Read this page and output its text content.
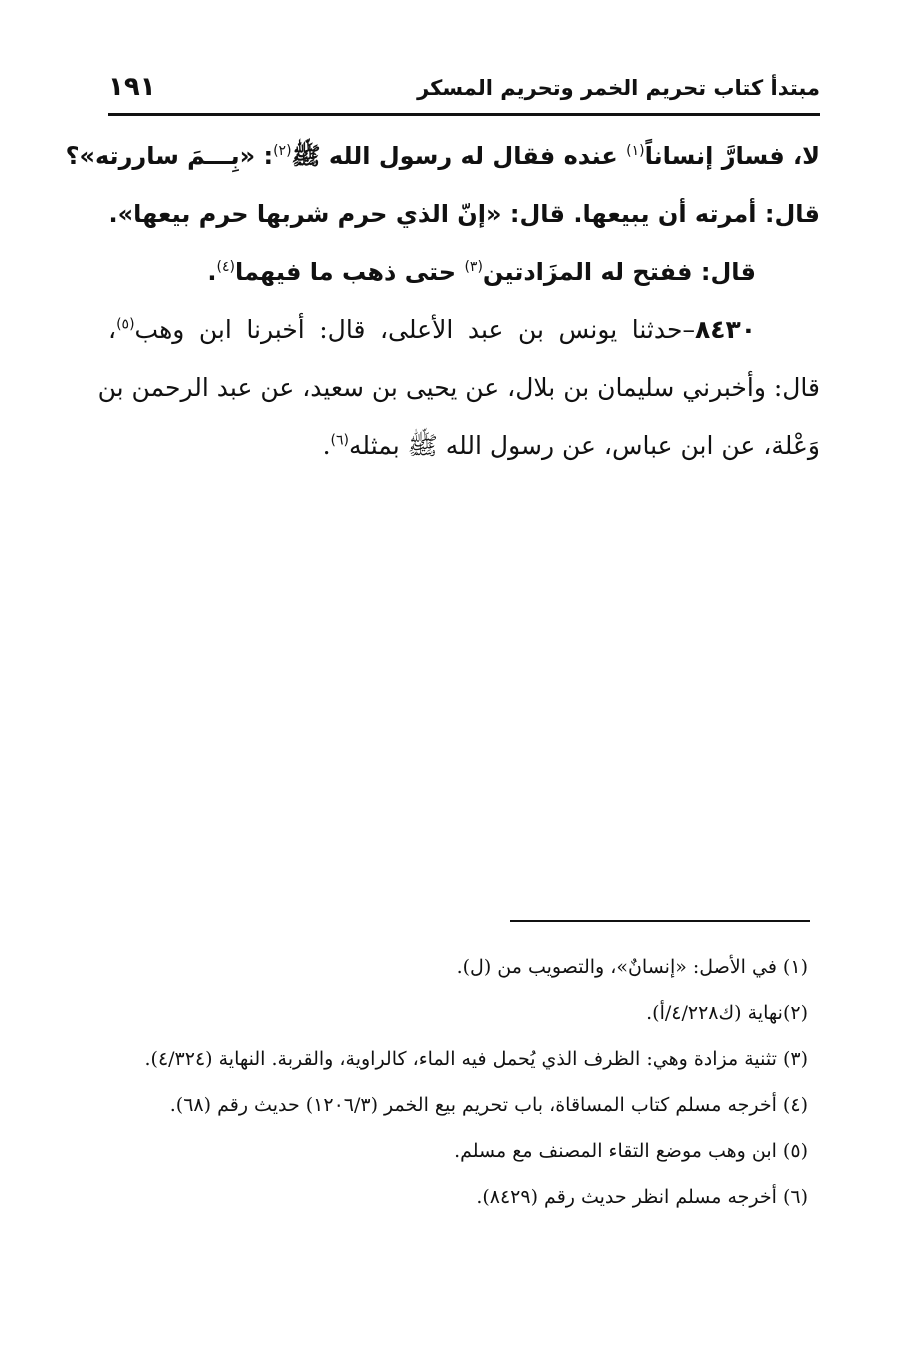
مبتدأ كتاب تحريم الخمر وتحريم المسكر
١٩١
لا، فسارَّ إنساناً$^{(١)}$ عنده فقال له رسول الله ﷺ$^{(٢)}$: «بِـــمَ ساررته»؟
قال: أمرته أن يبيعها. قال: «إنّ الذي حرم شربها حرم بيعها».
قال: ففتح له المزَادتين$^{(٣)}$ حتى ذهب ما فيهما$^{(٤)}$.
٨٤٣٠–حدثنا يونس بن عبد الأعلى، قال: أخبرنا ابن وهب$^{(٥)}$،
قال: وأخبرني سليمان بن بلال، عن يحيى بن سعيد، عن عبد الرحمن بن
وَعْلة، عن ابن عباس، عن رسول الله ﷺ بمثله$^{(٦)}$.
(١) في الأصل: «إنسانٌ»، والتصويب من (ل).
(٢)نهاية (ك٤/٢٢٨/أ).
(٣) تثنية مزادة وهي: الظرف الذي يُحمل فيه الماء، كالراوية، والقربة. النهاية (٤/٣٢٤).
(٤) أخرجه مسلم كتاب المساقاة، باب تحريم بيع الخمر (١٢٠٦/٣) حديث رقم (٦٨).
(٥) ابن وهب موضع التقاء المصنف مع مسلم.
(٦) أخرجه مسلم انظر حديث رقم (٨٤٢٩).
